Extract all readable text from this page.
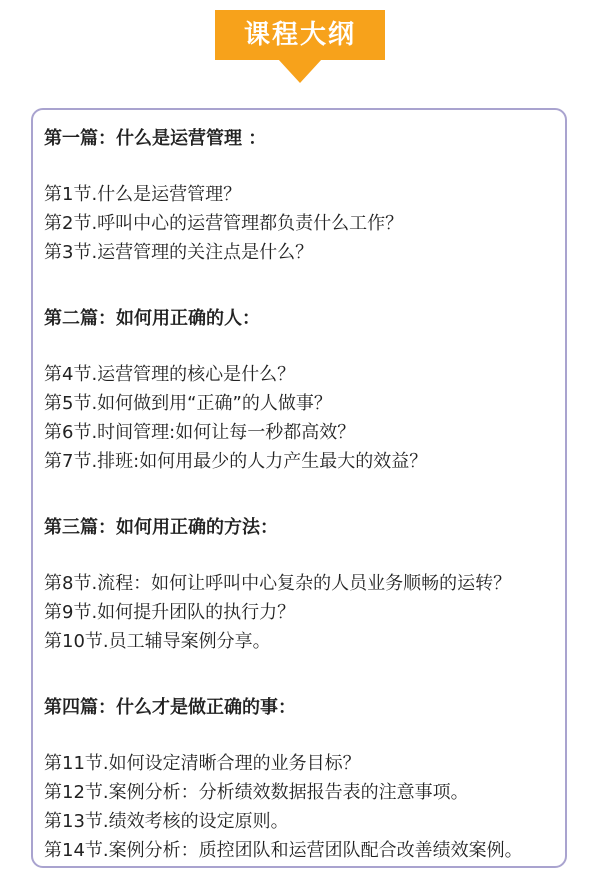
课程大纲
第一篇：什么是运营管理 ：
第1节.什么是运营管理？
第2节.呼叫中心的运营管理都负责什么工作？
第3节.运营管理的关注点是什么？
第二篇：如何用正确的人：
第4节.运营管理的核心是什么？
第5节.如何做到用“正确”的人做事？
第6节.时间管理:如何让每一秒都高效？
第7节.排班:如何用最少的人力产生最大的效益？
第三篇：如何用正确的方法：
第8节.流程：如何让呼叫中心复杂的人员业务顺畅的运转？
第9节.如何提升团队的执行力？
第10节.员工辅导案例分享。
第四篇：什么才是做正确的事：
第11节.如何设定清晰合理的业务目标？
第12节.案例分析：分析绩效数据报告表的注意事项。
第13节.绩效考核的设定原则。
第14节.案例分析：质控团队和运营团队配合改善绩效案例。
